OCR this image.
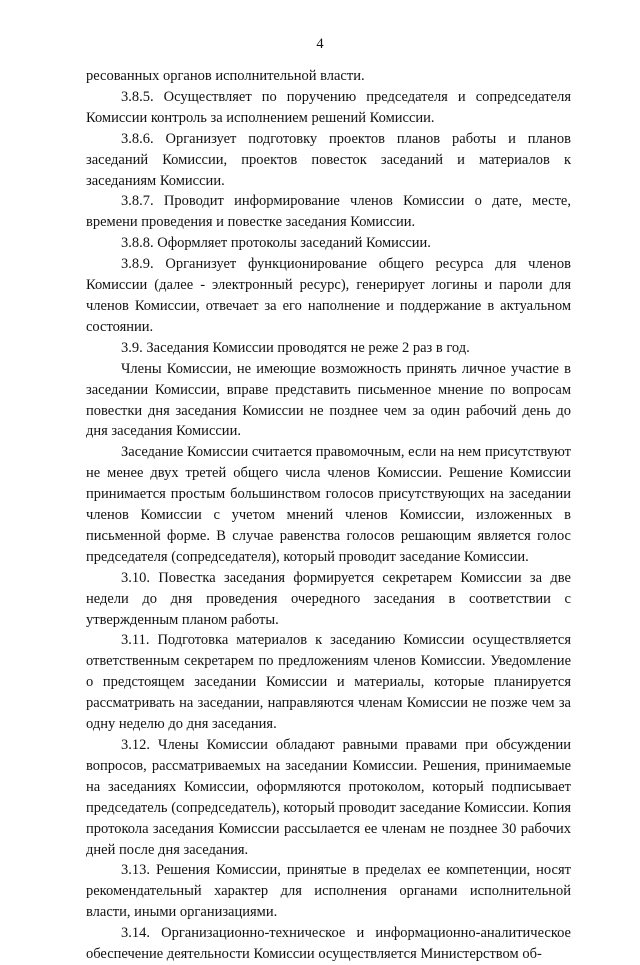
4

ресованных органов исполнительной власти.

3.8.5. Осуществляет по поручению председателя и сопредседателя Комиссии контроль за исполнением решений Комиссии.

3.8.6. Организует подготовку проектов планов работы и планов заседаний Комиссии, проектов повесток заседаний и материалов к заседаниям Комиссии.

3.8.7. Проводит информирование членов Комиссии о дате, месте, времени проведения и повестке заседания Комиссии.

3.8.8. Оформляет протоколы заседаний Комиссии.

3.8.9. Организует функционирование общего ресурса для членов Комиссии (далее - электронный ресурс), генерирует логины и пароли для членов Комиссии, отвечает за его наполнение и поддержание в актуальном состоянии.

3.9. Заседания Комиссии проводятся не реже 2 раз в год.

Члены Комиссии, не имеющие возможность принять личное участие в заседании Комиссии, вправе представить письменное мнение по вопросам повестки дня заседания Комиссии не позднее чем за один рабочий день до дня заседания Комиссии.

Заседание Комиссии считается правомочным, если на нем присутствуют не менее двух третей общего числа членов Комиссии. Решение Комиссии принимается простым большинством голосов присутствующих на заседании членов Комиссии с учетом мнений членов Комиссии, изложенных в письменной форме. В случае равенства голосов решающим является голос председателя (сопредседателя), который проводит заседание Комиссии.

3.10. Повестка заседания формируется секретарем Комиссии за две недели до дня проведения очередного заседания в соответствии с утвержденным планом работы.

3.11. Подготовка материалов к заседанию Комиссии осуществляется ответственным секретарем по предложениям членов Комиссии. Уведомление о предстоящем заседании Комиссии и материалы, которые планируется рассматривать на заседании, направляются членам Комиссии не позже чем за одну неделю до дня заседания.

3.12. Члены Комиссии обладают равными правами при обсуждении вопросов, рассматриваемых на заседании Комиссии. Решения, принимаемые на заседаниях Комиссии, оформляются протоколом, который подписывает председатель (сопредседатель), который проводит заседание Комиссии. Копия протокола заседания Комиссии рассылается ее членам не позднее 30 рабочих дней после дня заседания.

3.13. Решения Комиссии, принятые в пределах ее компетенции, носят рекомендательный характер для исполнения органами исполнительной власти, иными организациями.

3.14. Организационно-техническое и информационно-аналитическое обеспечение деятельности Комиссии осуществляется Министерством об-
